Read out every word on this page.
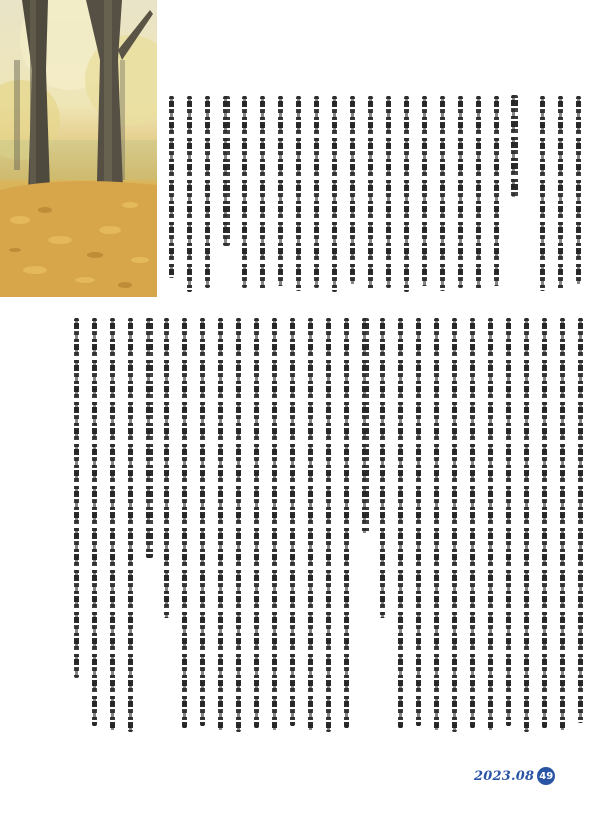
2023.08 49
